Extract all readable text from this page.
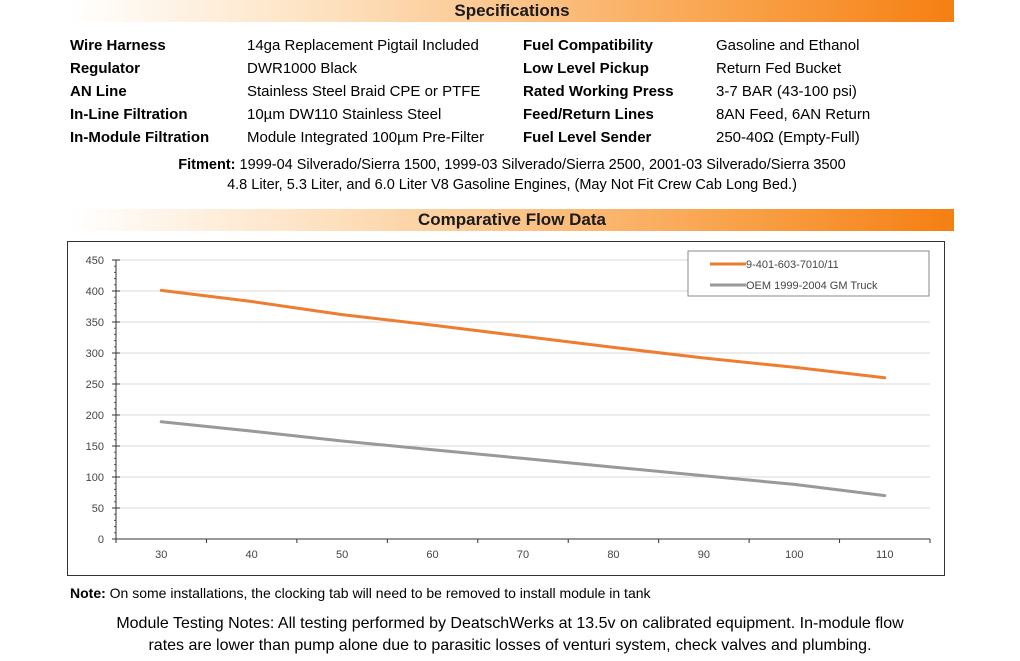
Specifications
Wire Harness	14ga Replacement Pigtail Included	Fuel Compatibility	Gasoline and Ethanol
Regulator	DWR1000 Black	Low Level Pickup	Return Fed Bucket
AN Line	Stainless Steel Braid CPE or PTFE	Rated Working Press	3-7 BAR (43-100 psi)
In-Line Filtration	10µm DW110 Stainless Steel	Feed/Return Lines	8AN Feed, 6AN Return
In-Module Filtration	Module Integrated 100µm Pre-Filter	Fuel Level Sender	250-40Ω (Empty-Full)
Fitment: 1999-04 Silverado/Sierra 1500, 1999-03 Silverado/Sierra 2500, 2001-03 Silverado/Sierra 3500
4.8 Liter, 5.3 Liter, and 6.0 Liter V8 Gasoline Engines, (May Not Fit Crew Cab Long Bed.)
Comparative Flow Data
0
50
100
150
200
250
300
350
400
450
30	40	50	60	70	80	90	100	110
9-401-603-7010/11
OEM 1999-2004 GM Truck
Note: On some installations, the clocking tab will need to be removed to install module in tank
Module Testing Notes: All testing performed by DeatschWerks at 13.5v on calibrated equipment. In-module flow
rates are lower than pump alone due to parasitic losses of venturi system, check valves and plumbing.
